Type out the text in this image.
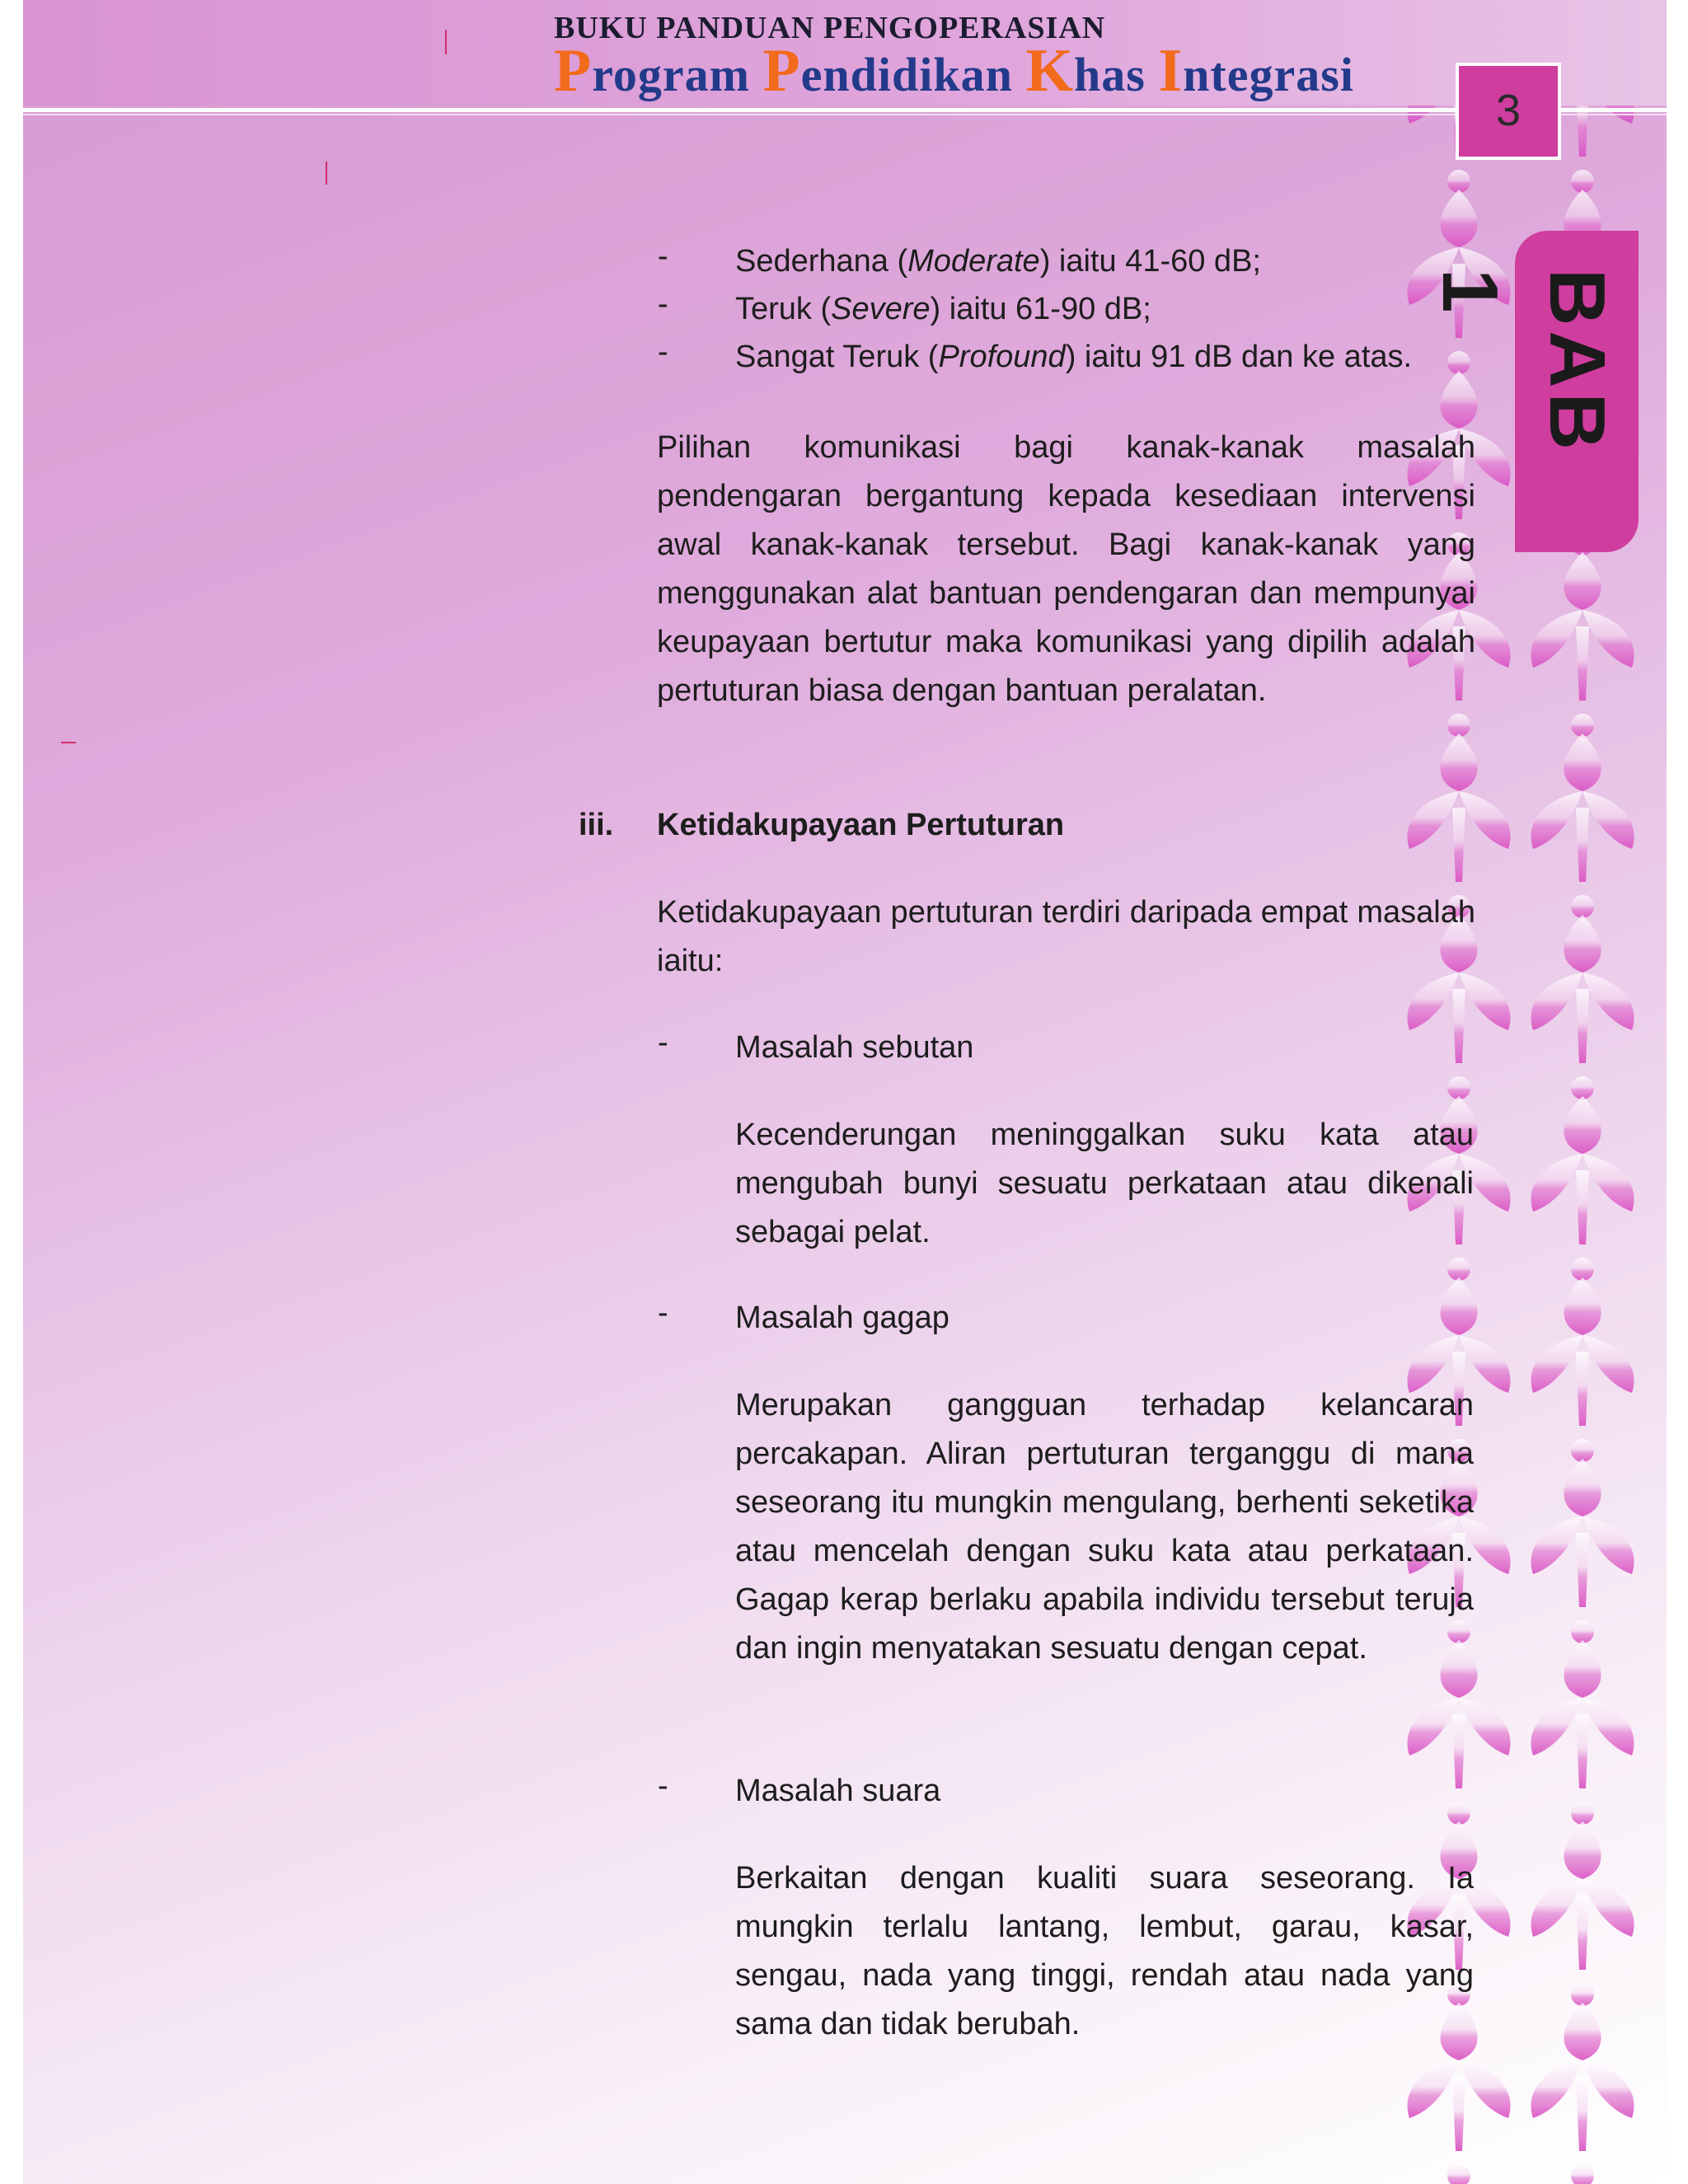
BUKU PANDUAN PENGOPERASIAN
Program Pendidikan Khas Integrasi
3
BAB 1
- Sederhana (Moderate) iaitu 41-60 dB;
- Teruk (Severe) iaitu 61-90 dB;
- Sangat Teruk (Profound) iaitu 91 dB dan ke atas.
Pilihan komunikasi bagi kanak-kanak masalah pendengaran bergantung kepada kesediaan intervensi awal kanak-kanak tersebut. Bagi kanak-kanak yang menggunakan alat bantuan pendengaran dan mempunyai keupayaan bertutur maka komunikasi yang dipilih adalah pertuturan biasa dengan bantuan peralatan.
iii. Ketidakupayaan Pertuturan
Ketidakupayaan pertuturan terdiri daripada empat masalah iaitu:
- Masalah sebutan
Kecenderungan meninggalkan suku kata atau mengubah bunyi sesuatu perkataan atau dikenali sebagai pelat.
- Masalah gagap
Merupakan gangguan terhadap kelancaran percakapan. Aliran pertuturan terganggu di mana seseorang itu mungkin mengulang, berhenti seketika atau mencelah dengan suku kata atau perkataan. Gagap kerap berlaku apabila individu tersebut teruja dan ingin menyatakan sesuatu dengan cepat.
- Masalah suara
Berkaitan dengan kualiti suara seseorang. Ia mungkin terlalu lantang, lembut, garau, kasar, sengau, nada yang tinggi, rendah atau nada yang sama dan tidak berubah.
